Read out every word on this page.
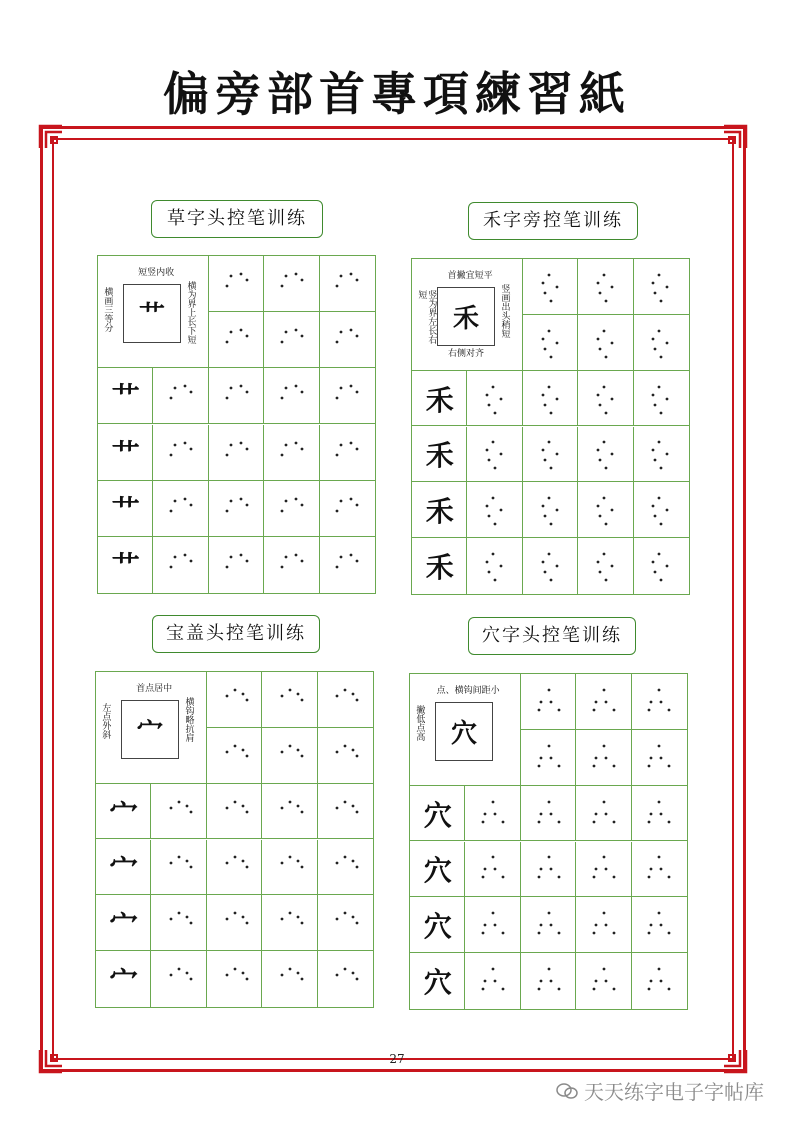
偏旁部首專項練習紙
草字头控笔训练	禾字旁控笔训练
宝盖头控笔训练	穴字头控笔训练
艹
短竖内收
横画三等分	横为界上长下短
艹
艹
艹
艹
禾
首撇宜短平
右侧对齐
竖为界左长右短	竖画出头稍短
禾
禾
禾
禾
宀
首点居中
左点外斜	横钩略抗肩
宀
宀
宀
宀
穴
点、横钩间距小
撇低点高
穴
穴
穴
穴
27
天天练字电子字帖库
